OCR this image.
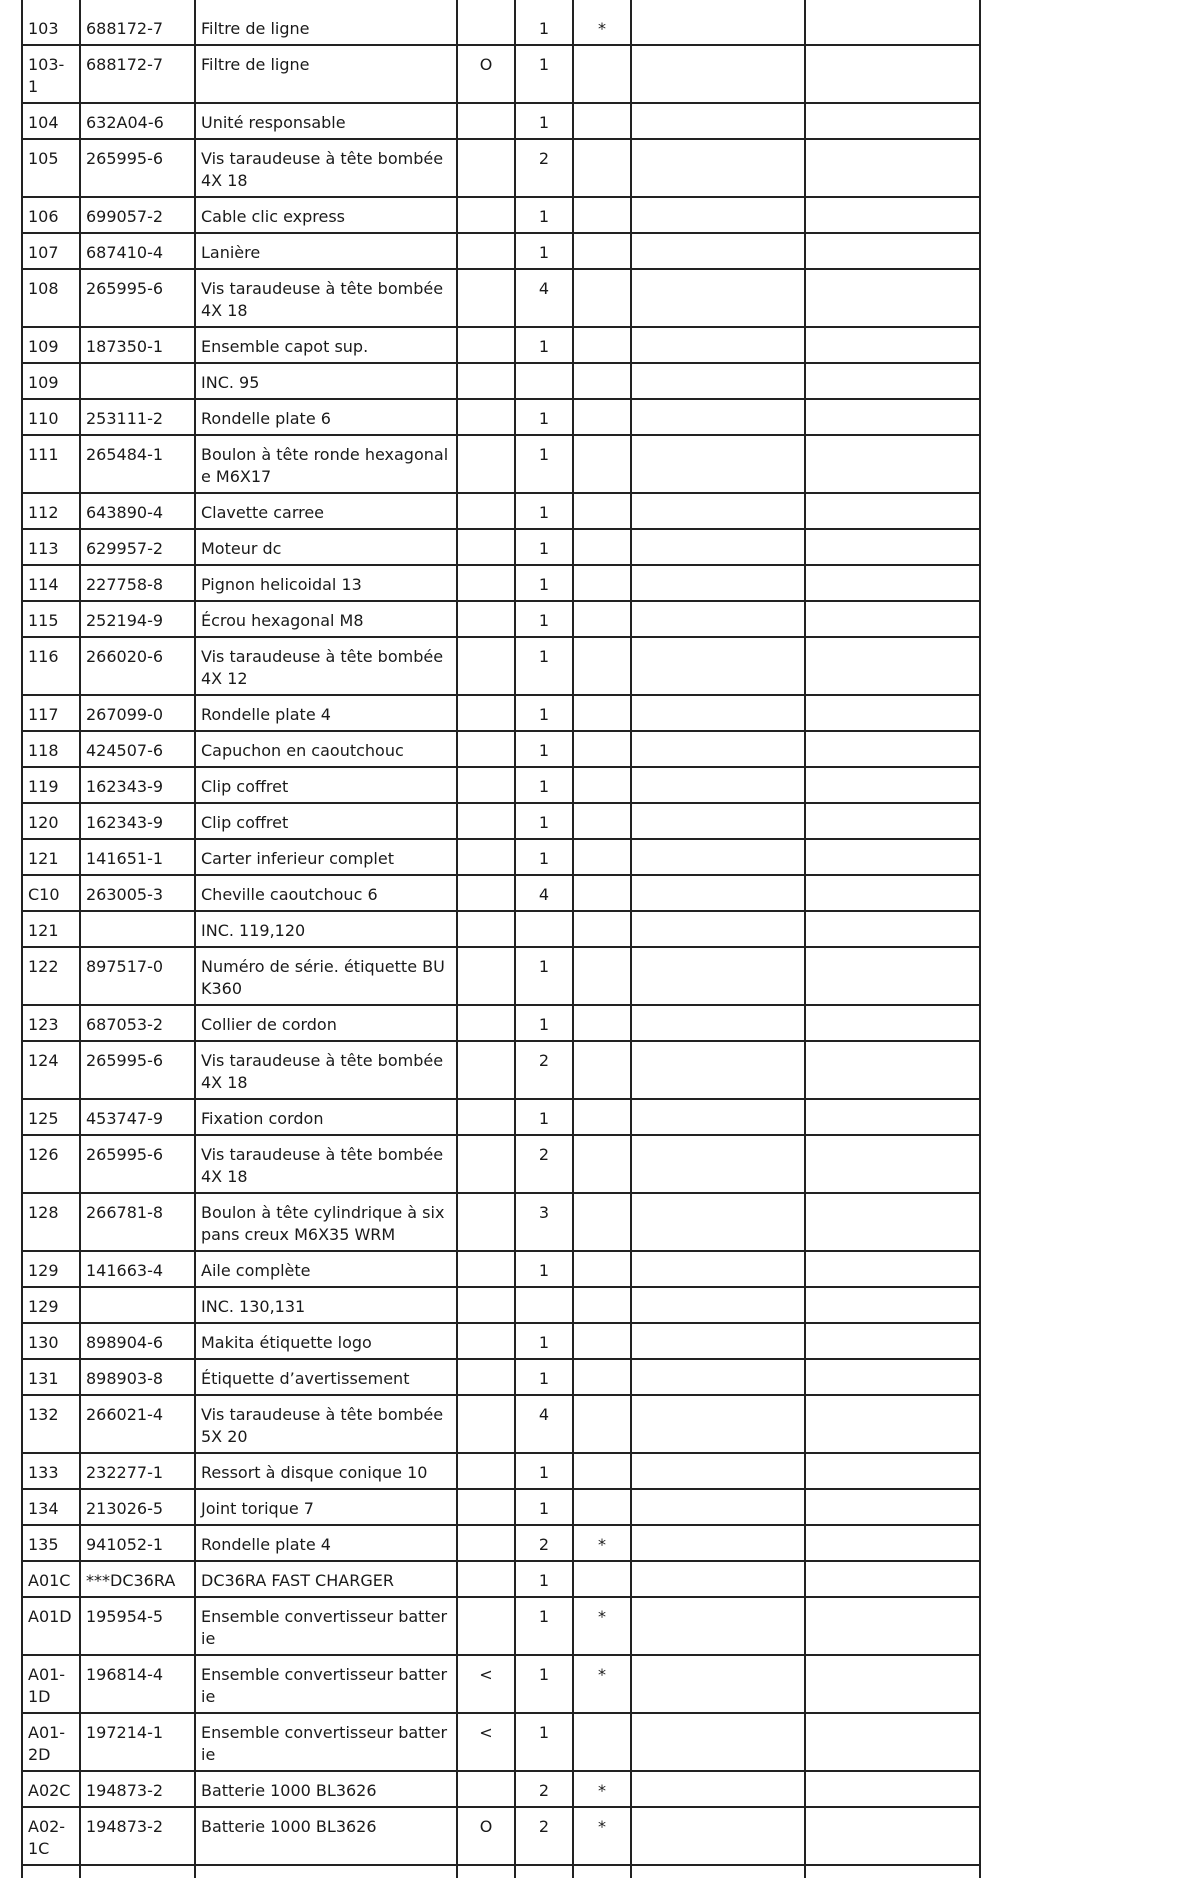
103	688172-7	Filtre de ligne		1	*		
103-1	688172-7	Filtre de ligne	O	1			
104	632A04-6	Unité responsable		1			
105	265995-6	Vis taraudeuse à tête bombée 4X 18		2			
106	699057-2	Cable clic express		1			
107	687410-4	Lanière		1			
108	265995-6	Vis taraudeuse à tête bombée 4X 18		4			
109	187350-1	Ensemble capot sup.		1			
109		INC. 95					
110	253111-2	Rondelle plate 6		1			
111	265484-1	Boulon à tête ronde hexagonale M6X17		1			
112	643890-4	Clavette carree		1			
113	629957-2	Moteur dc		1			
114	227758-8	Pignon helicoidal 13		1			
115	252194-9	Écrou hexagonal M8		1			
116	266020-6	Vis taraudeuse à tête bombée 4X 12		1			
117	267099-0	Rondelle plate 4		1			
118	424507-6	Capuchon en caoutchouc		1			
119	162343-9	Clip coffret		1			
120	162343-9	Clip coffret		1			
121	141651-1	Carter inferieur complet		1			
C10	263005-3	Cheville caoutchouc 6		4			
121		INC. 119,120					
122	897517-0	Numéro de série. étiquette BUK360		1			
123	687053-2	Collier de cordon		1			
124	265995-6	Vis taraudeuse à tête bombée 4X 18		2			
125	453747-9	Fixation cordon		1			
126	265995-6	Vis taraudeuse à tête bombée 4X 18		2			
128	266781-8	Boulon à tête cylindrique à six pans creux M6X35 WRM		3			
129	141663-4	Aile complète		1			
129		INC. 130,131					
130	898904-6	Makita étiquette logo		1			
131	898903-8	Étiquette d’avertissement		1			
132	266021-4	Vis taraudeuse à tête bombée 5X 20		4			
133	232277-1	Ressort à disque conique 10		1			
134	213026-5	Joint torique 7		1			
135	941052-1	Rondelle plate 4		2	*		
A01C	***DC36RA	DC36RA FAST CHARGER		1			
A01D	195954-5	Ensemble convertisseur batterie		1	*		
A01-1D	196814-4	Ensemble convertisseur batterie	<	1	*		
A01-2D	197214-1	Ensemble convertisseur batterie	<	1			
A02C	194873-2	Batterie 1000 BL3626		2	*		
A02-1C	194873-2	Batterie 1000 BL3626	O	2	*		
